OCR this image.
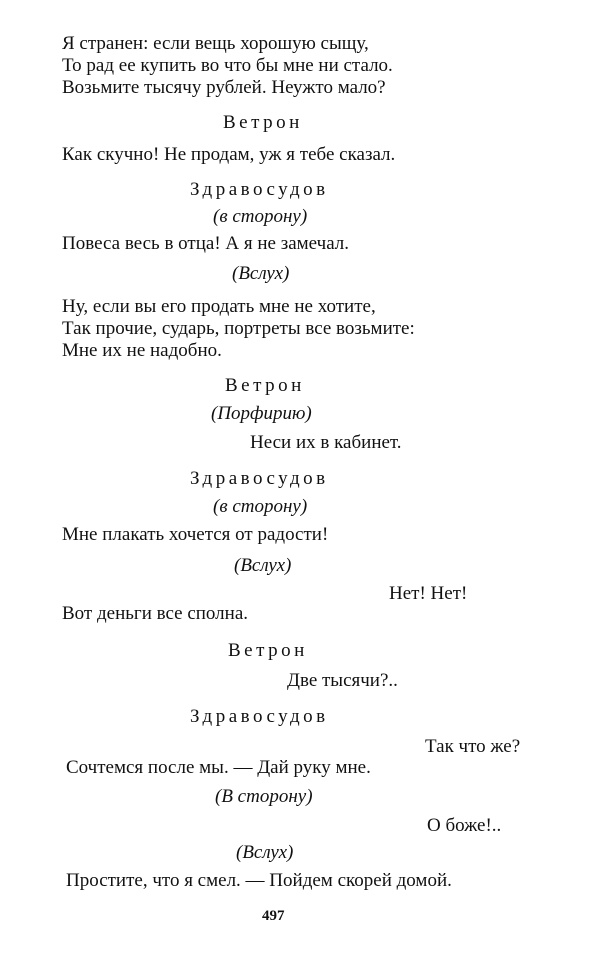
Я странен: если вещь хорошую сыщу,
То рад ее купить во что бы мне ни стало.
Возьмите тысячу рублей. Неужто мало?
Ветрон
Как скучно! Не продам, уж я тебе сказал.
Здравосудов
(в сторону)
Повеса весь в отца! А я не замечал.
(Вслух)
Ну, если вы его продать мне не хотите,
Так прочие, сударь, портреты все возьмите:
Мне их не надобно.
Ветрон
(Порфирию)
Неси их в кабинет.
Здравосудов
(в сторону)
Мне плакать хочется от радости!
(Вслух)
Нет! Нет!
Вот деньги все сполна.
Ветрон
Две тысячи?..
Здравосудов
Так что же?
Сочтемся после мы. — Дай руку мне.
(В сторону)
О боже!..
(Вслух)
Простите, что я смел. — Пойдем скорей домой.
497
